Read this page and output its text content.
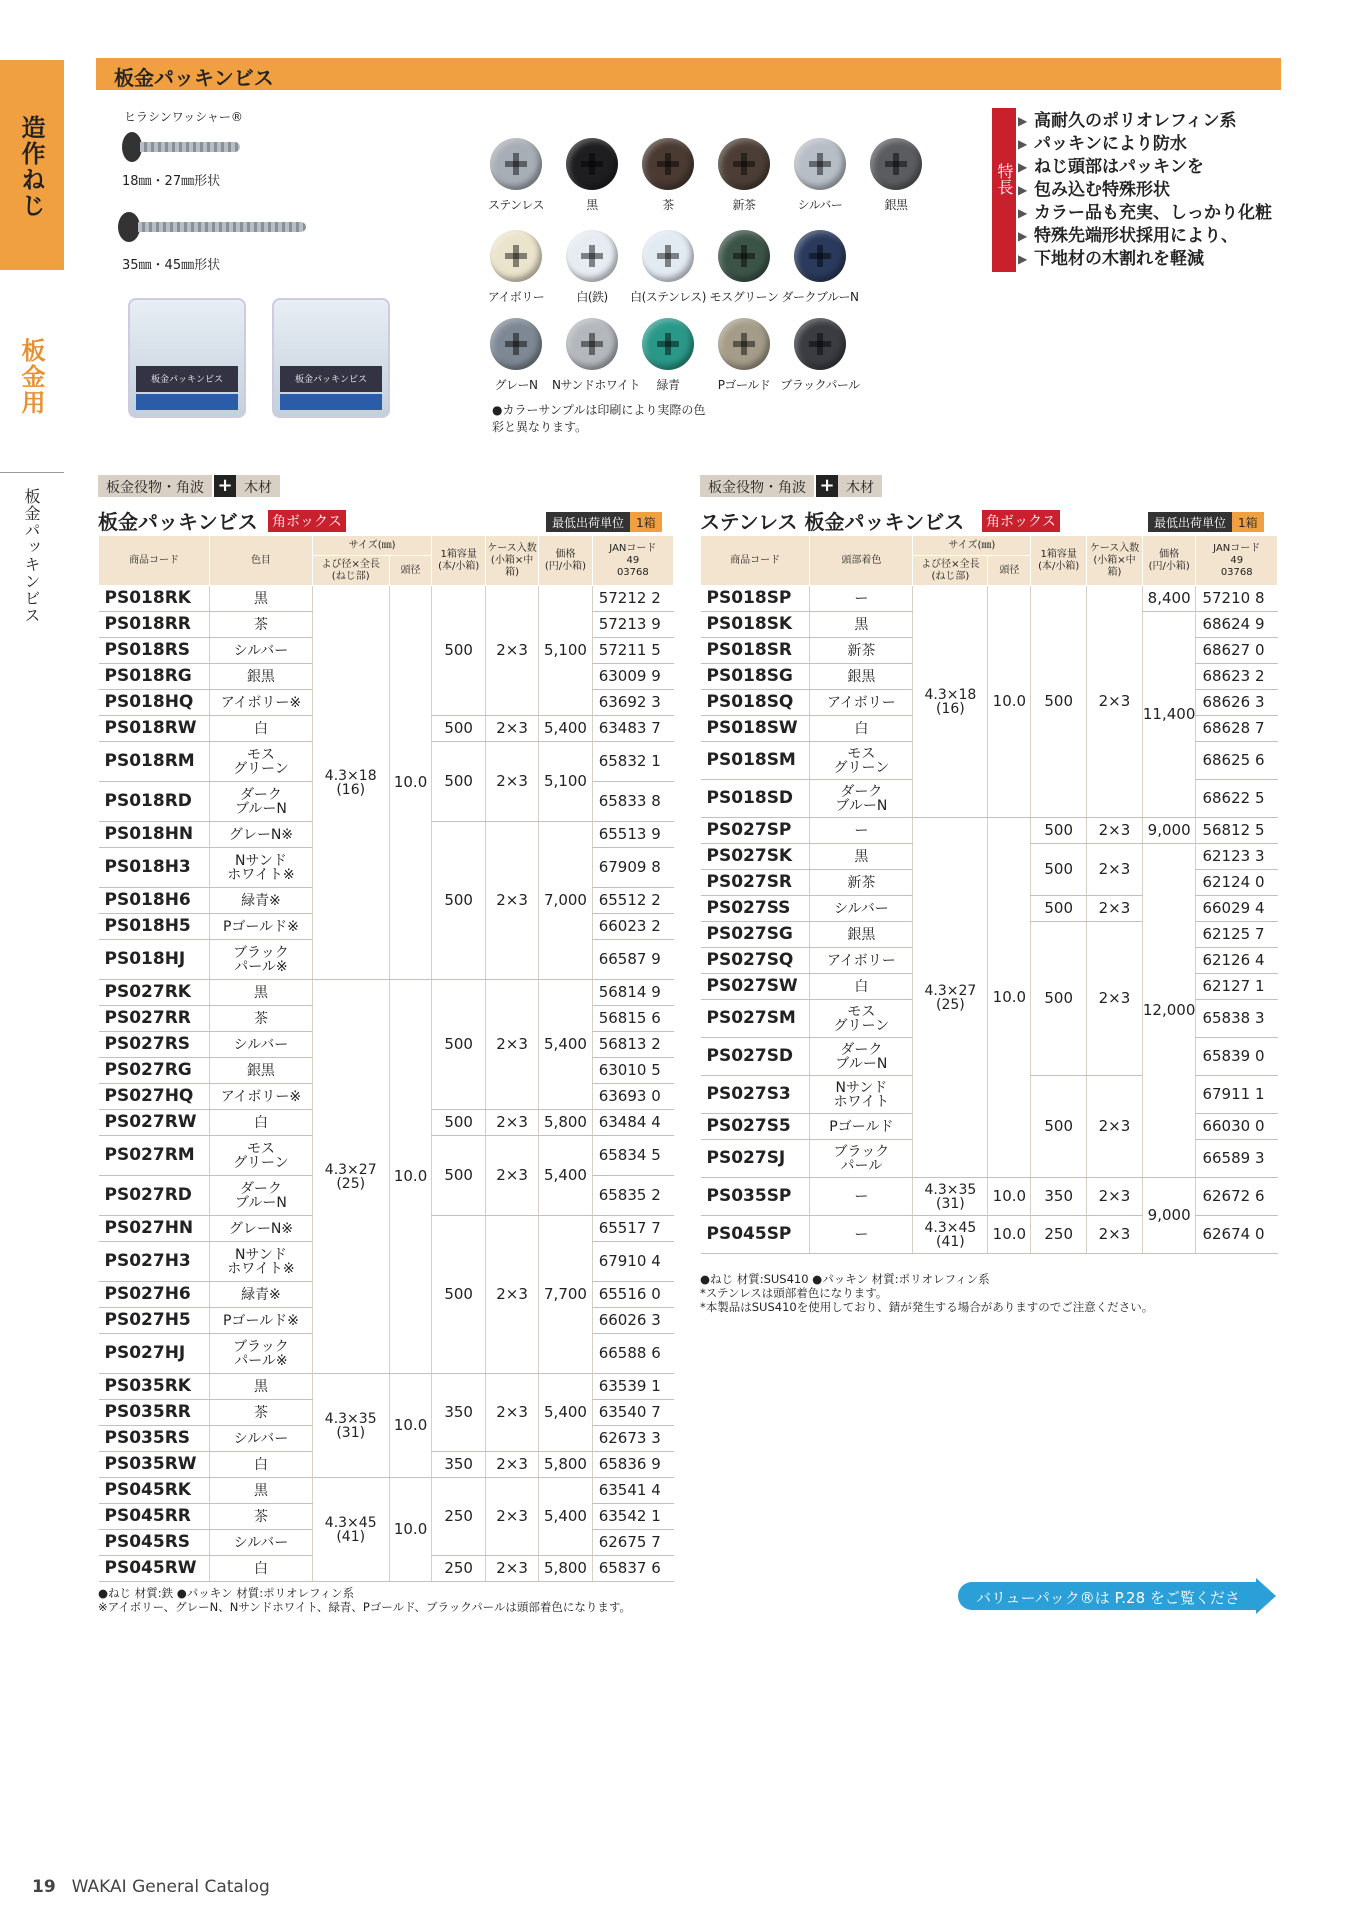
造作ねじ
板金用
板金パッキンビス
板金パッキンビス
ヒラシンワッシャー®
18㎜・27㎜形状
35㎜・45㎜形状
板金パッキンビス	板金パッキンビス
ステンレス	黒	茶	新茶	シルバー	銀黒
アイボリー	白(鉄)	白(ステンレス) モスグリーン ダークブルーN
グレーN	Nサンドホワイト	緑青	Pゴールド ブラックパール
●カラーサンプルは印刷により実際の色彩と異なります。
特長
▶ 高耐久のポリオレフィン系
▶ パッキンにより防水
▶ ねじ頭部はパッキンを
▶ 包み込む特殊形状
▶ カラー品も充実、しっかり化粧
▶ 特殊先端形状採用により、
▶ 下地材の木割れを軽減
板金役物・角波 + 木材
板金パッキンビス 角ボックス	最低出荷単位 1箱
商品コード	色目	サイズ(㎜)		1箱容量
(本/小箱)	ケース入数
(小箱×中箱)	価格
(円/小箱)	JANコード
49
03768
		よび径×全長
(ねじ部)	頭径				
PS018RK	黒	4.3×18
(16)	10.0	500	2×3	5,100	57212 2
PS018RR	茶						57213 9
PS018RS	シルバー						57211 5
PS018RG	銀黒						63009 9
PS018HQ	アイボリー※						63692 3
PS018RW	白			500	2×3	5,400	63483 7
PS018RM	モス
グリーン			500	2×3	5,100	65832 1
PS018RD	ダーク
ブルーN						65833 8
PS018HN	グレーN※			500	2×3	7,000	65513 9
PS018H3	Nサンド
ホワイト※						67909 8
PS018H6	緑青※						65512 2
PS018H5	Pゴールド※						66023 2
PS018HJ	ブラック
パール※						66587 9
PS027RK	黒	4.3×27
(25)	10.0	500	2×3	5,400	56814 9
PS027RR	茶						56815 6
PS027RS	シルバー						56813 2
PS027RG	銀黒						63010 5
PS027HQ	アイボリー※						63693 0
PS027RW	白			500	2×3	5,800	63484 4
PS027RM	モス
グリーン			500	2×3	5,400	65834 5
PS027RD	ダーク
ブルーN						65835 2
PS027HN	グレーN※			500	2×3	7,700	65517 7
PS027H3	Nサンド
ホワイト※						67910 4
PS027H6	緑青※						65516 0
PS027H5	Pゴールド※						66026 3
PS027HJ	ブラック
パール※						66588 6
PS035RK	黒	4.3×35
(31)	10.0	350	2×3	5,400	63539 1
PS035RR	茶						63540 7
PS035RS	シルバー						62673 3
PS035RW	白			350	2×3	5,800	65836 9
PS045RK	黒	4.3×45
(41)	10.0	250	2×3	5,400	63541 4
PS045RR	茶						63542 1
PS045RS	シルバー						62675 7
PS045RW	白			250	2×3	5,800	65837 6
●ねじ 材質:鉄 ●パッキン 材質:ポリオレフィン系
※アイボリー、グレーN、Nサンドホワイト、緑青、Pゴールド、ブラックパールは頭部着色になります。
板金役物・角波 + 木材
ステンレス 板金パッキンビス 角ボックス	最低出荷単位 1箱
商品コード	頭部着色	サイズ(㎜)		1箱容量
(本/小箱)	ケース入数
(小箱×中箱)	価格
(円/小箱)	JANコード
49
03768
		よび径×全長
(ねじ部)	頭径				
PS018SP	ー	4.3×18
(16)	10.0	500	2×3	8,400	57210 8
PS018SK	黒					11,400	68624 9
PS018SR	新茶						68627 0
PS018SG	銀黒						68623 2
PS018SQ	アイボリー						68626 3
PS018SW	白						68628 7
PS018SM	モス
グリーン						68625 6
PS018SD	ダーク
ブルーN						68622 5
PS027SP	ー	4.3×27
(25)	10.0	500	2×3	9,000	56812 5
PS027SK	黒			500	2×3	12,000	62123 3
PS027SR	新茶						62124 0
PS027SS	シルバー			500	2×3		66029 4
PS027SG	銀黒			500	2×3		62125 7
PS027SQ	アイボリー						62126 4
PS027SW	白						62127 1
PS027SM	モス
グリーン						65838 3
PS027SD	ダーク
ブルーN						65839 0
PS027S3	Nサンド
ホワイト			500	2×3		67911 1
PS027S5	Pゴールド						66030 0
PS027SJ	ブラック
パール						66589 3
PS035SP	ー	4.3×35
(31)	10.0	350	2×3	9,000	62672 6
PS045SP	ー	4.3×45
(41)	10.0	250	2×3		62674 0
●ねじ 材質:SUS410 ●パッキン 材質:ポリオレフィン系
*ステンレスは頭部着色になります。
*本製品はSUS410を使用しており、錆が発生する場合がありますのでご注意ください。
バリューパック®は P.28 をご覧ください。
19 WAKAI General Catalog
